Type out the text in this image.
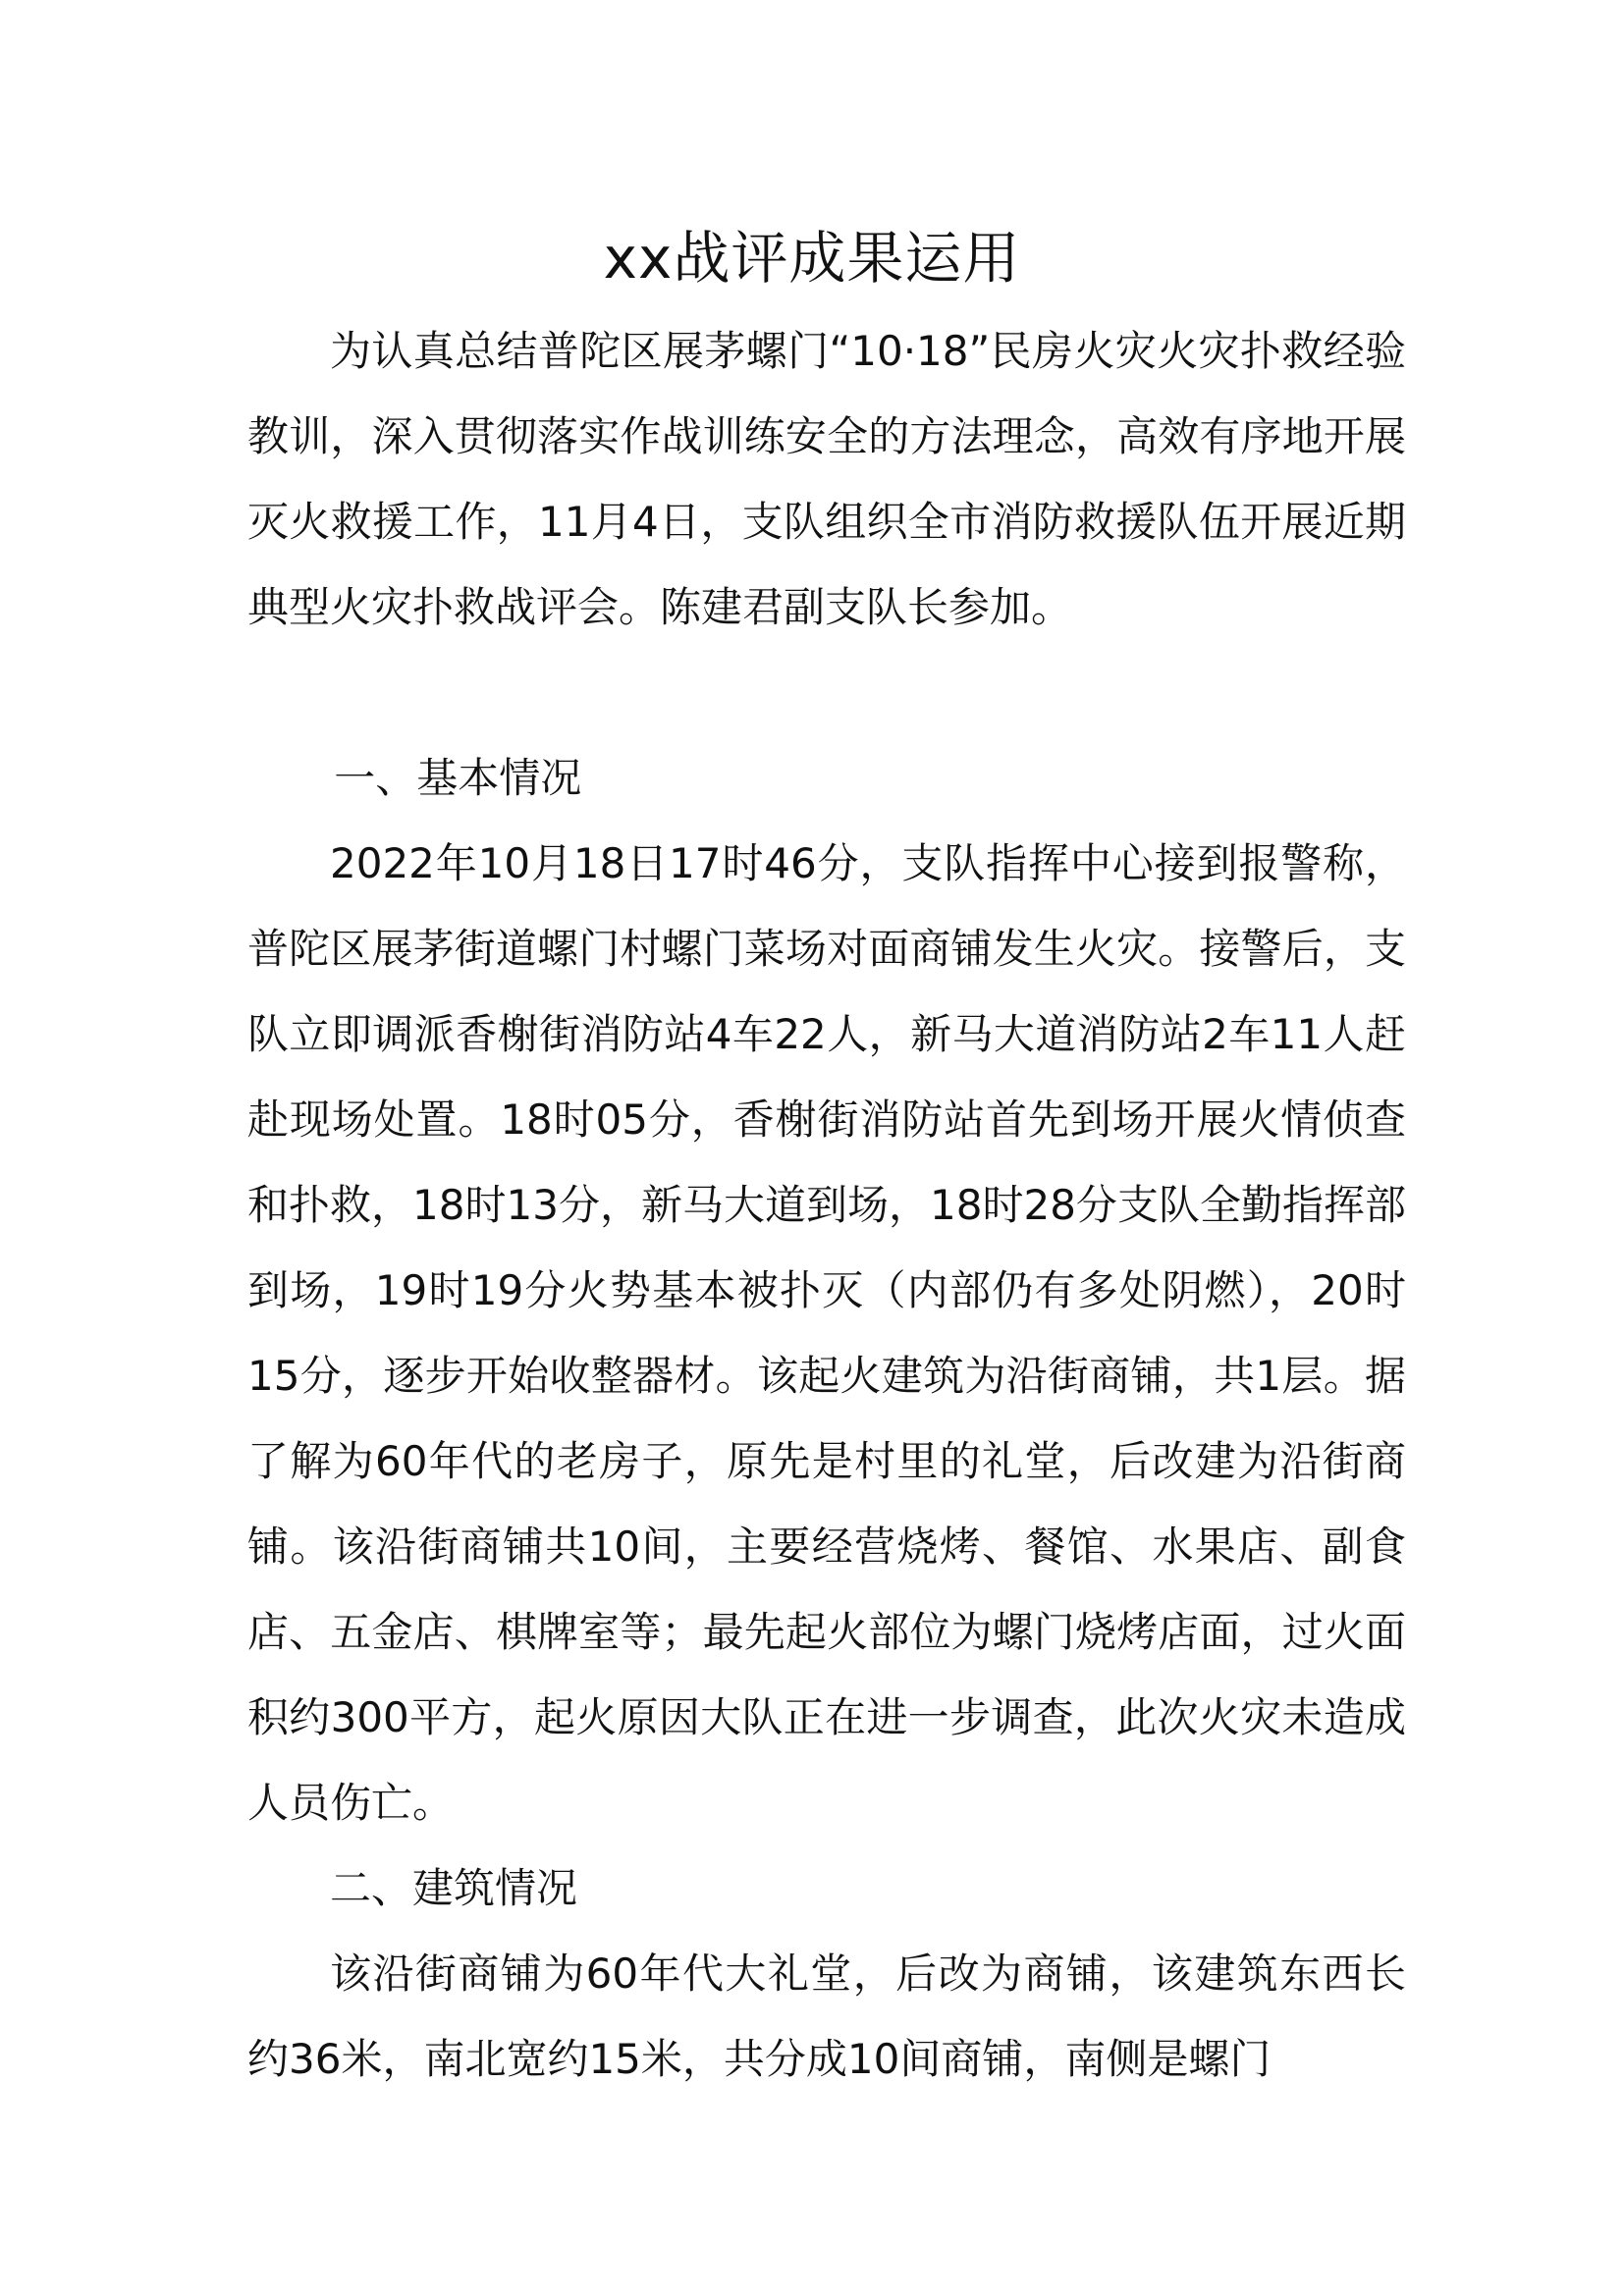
xx战评成果运用

为认真总结普陀区展茅螺门“10·18”民房火灾火灾扑救经验教训，深入贯彻落实作战训练安全的方法理念，高效有序地开展灭火救援工作，11月4日，支队组织全市消防救援队伍开展近期典型火灾扑救战评会。陈建君副支队长参加。

一、基本情况

2022年10月18日17时46分，支队指挥中心接到报警称，普陀区展茅街道螺门村螺门菜场对面商铺发生火灾。接警后，支队立即调派香榭街消防站4车22人，新马大道消防站2车11人赶赴现场处置。18时05分，香榭街消防站首先到场开展火情侦查和扑救，18时13分，新马大道到场，18时28分支队全勤指挥部到场，19时19分火势基本被扑灭（内部仍有多处阴燃），20时15分，逐步开始收整器材。该起火建筑为沿街商铺，共1层。据了解为60年代的老房子，原先是村里的礼堂，后改建为沿街商铺。该沿街商铺共10间，主要经营烧烤、餐馆、水果店、副食店、五金店、棋牌室等；最先起火部位为螺门烧烤店面，过火面积约300平方，起火原因大队正在进一步调查，此次火灾未造成人员伤亡。

二、建筑情况

该沿街商铺为60年代大礼堂，后改为商铺，该建筑东西长约36米，南北宽约15米，共分成10间商铺，南侧是螺门
